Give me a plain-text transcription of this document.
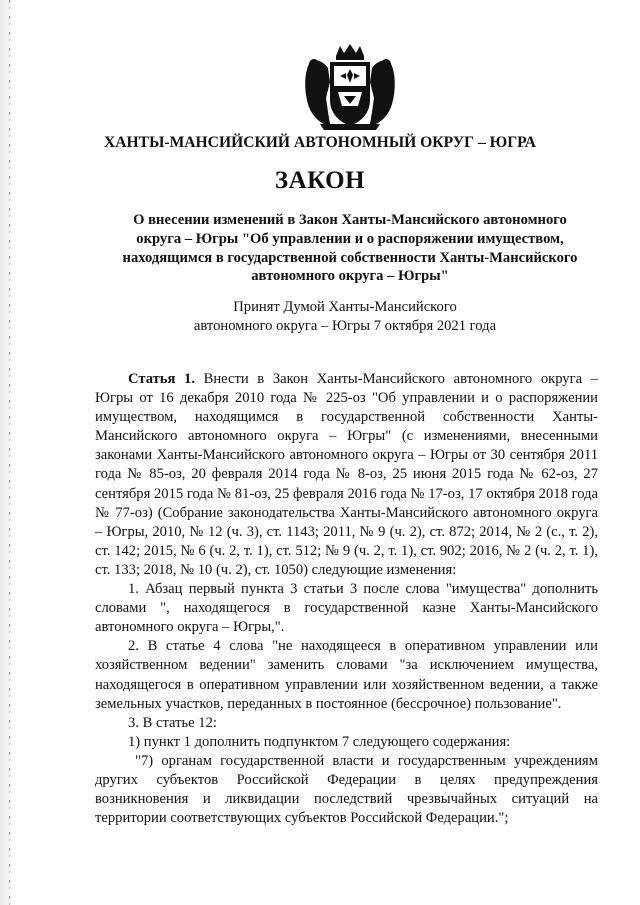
ХАНТЫ-МАНСИЙСКИЙ АВТОНОМНЫЙ ОКРУГ – ЮГРА
ЗАКОН

О внесении изменений в Закон Ханты-Мансийского автономного округа – Югры "Об управлении и о распоряжении имуществом, находящимся в государственной собственности Ханты-Мансийского автономного округа – Югры"

Принят Думой Ханты-Мансийского
автономного округа – Югры 7 октября 2021 года

Статья 1. Внести в Закон Ханты-Мансийского автономного округа – Югры от 16 декабря 2010 года № 225-оз "Об управлении и о распоряжении имуществом, находящимся в государственной собственности Ханты-Мансийского автономного округа – Югры" (с изменениями, внесенными законами Ханты-Мансийского автономного округа – Югры от 30 сентября 2011 года № 85-оз, 20 февраля 2014 года № 8-оз, 25 июня 2015 года № 62-оз, 27 сентября 2015 года № 81-оз, 25 февраля 2016 года № 17-оз, 17 октября 2018 года № 77-оз) (Собрание законодательства Ханты-Мансийского автономного округа – Югры, 2010, № 12 (ч. 3), ст. 1143; 2011, № 9 (ч. 2), ст. 872; 2014, № 2 (с., т. 2), ст. 142; 2015, № 6 (ч. 2, т. 1), ст. 512; № 9 (ч. 2, т. 1), ст. 902; 2016, № 2 (ч. 2, т. 1), ст. 133; 2018, № 10 (ч. 2), ст. 1050) следующие изменения:

1. Абзац первый пункта 3 статьи 3 после слова "имущества" дополнить словами ", находящегося в государственной казне Ханты-Мансийского автономного округа – Югры,".

2. В статье 4 слова "не находящееся в оперативном управлении или хозяйственном ведении" заменить словами "за исключением имущества, находящегося в оперативном управлении или хозяйственном ведении, а также земельных участков, переданных в постоянное (бессрочное) пользование".

3. В статье 12:

1) пункт 1 дополнить подпунктом 7 следующего содержания:

"7) органам государственной власти и государственным учреждениям других субъектов Российской Федерации в целях предупреждения возникновения и ликвидации последствий чрезвычайных ситуаций на территории соответствующих субъектов Российской Федерации.";
